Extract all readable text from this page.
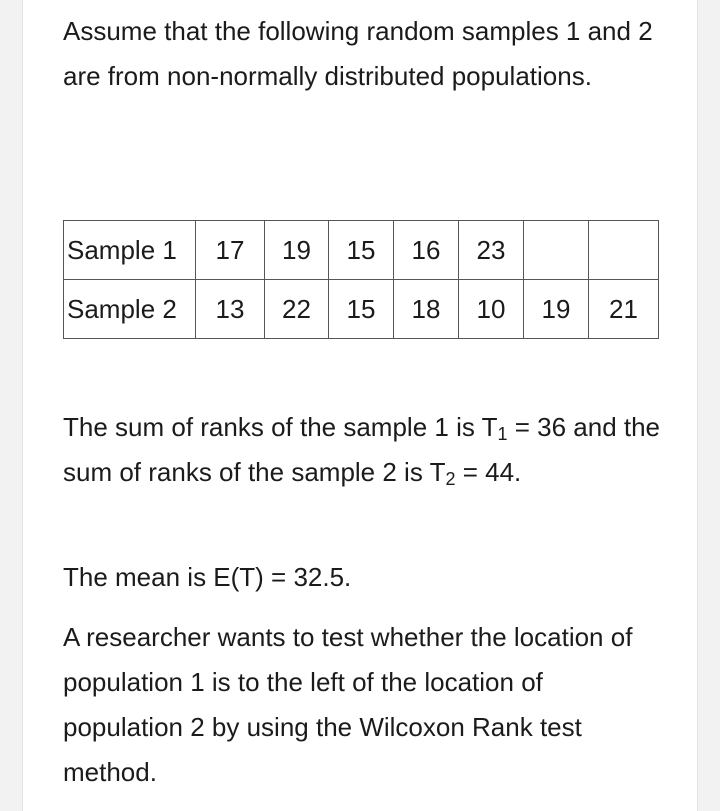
Assume that the following random samples 1 and 2 are from non-normally distributed populations.

Sample 1	17	19	15	16	23		
Sample 2	13	22	15	18	10	19	21

The sum of ranks of the sample 1 is $T_1 = 36$ and the sum of ranks of the sample 2 is $T_2 = 44$.

The mean is E(T) = 32.5.

A researcher wants to test whether the location of population 1 is to the left of the location of population 2 by using the Wilcoxon Rank test method.
